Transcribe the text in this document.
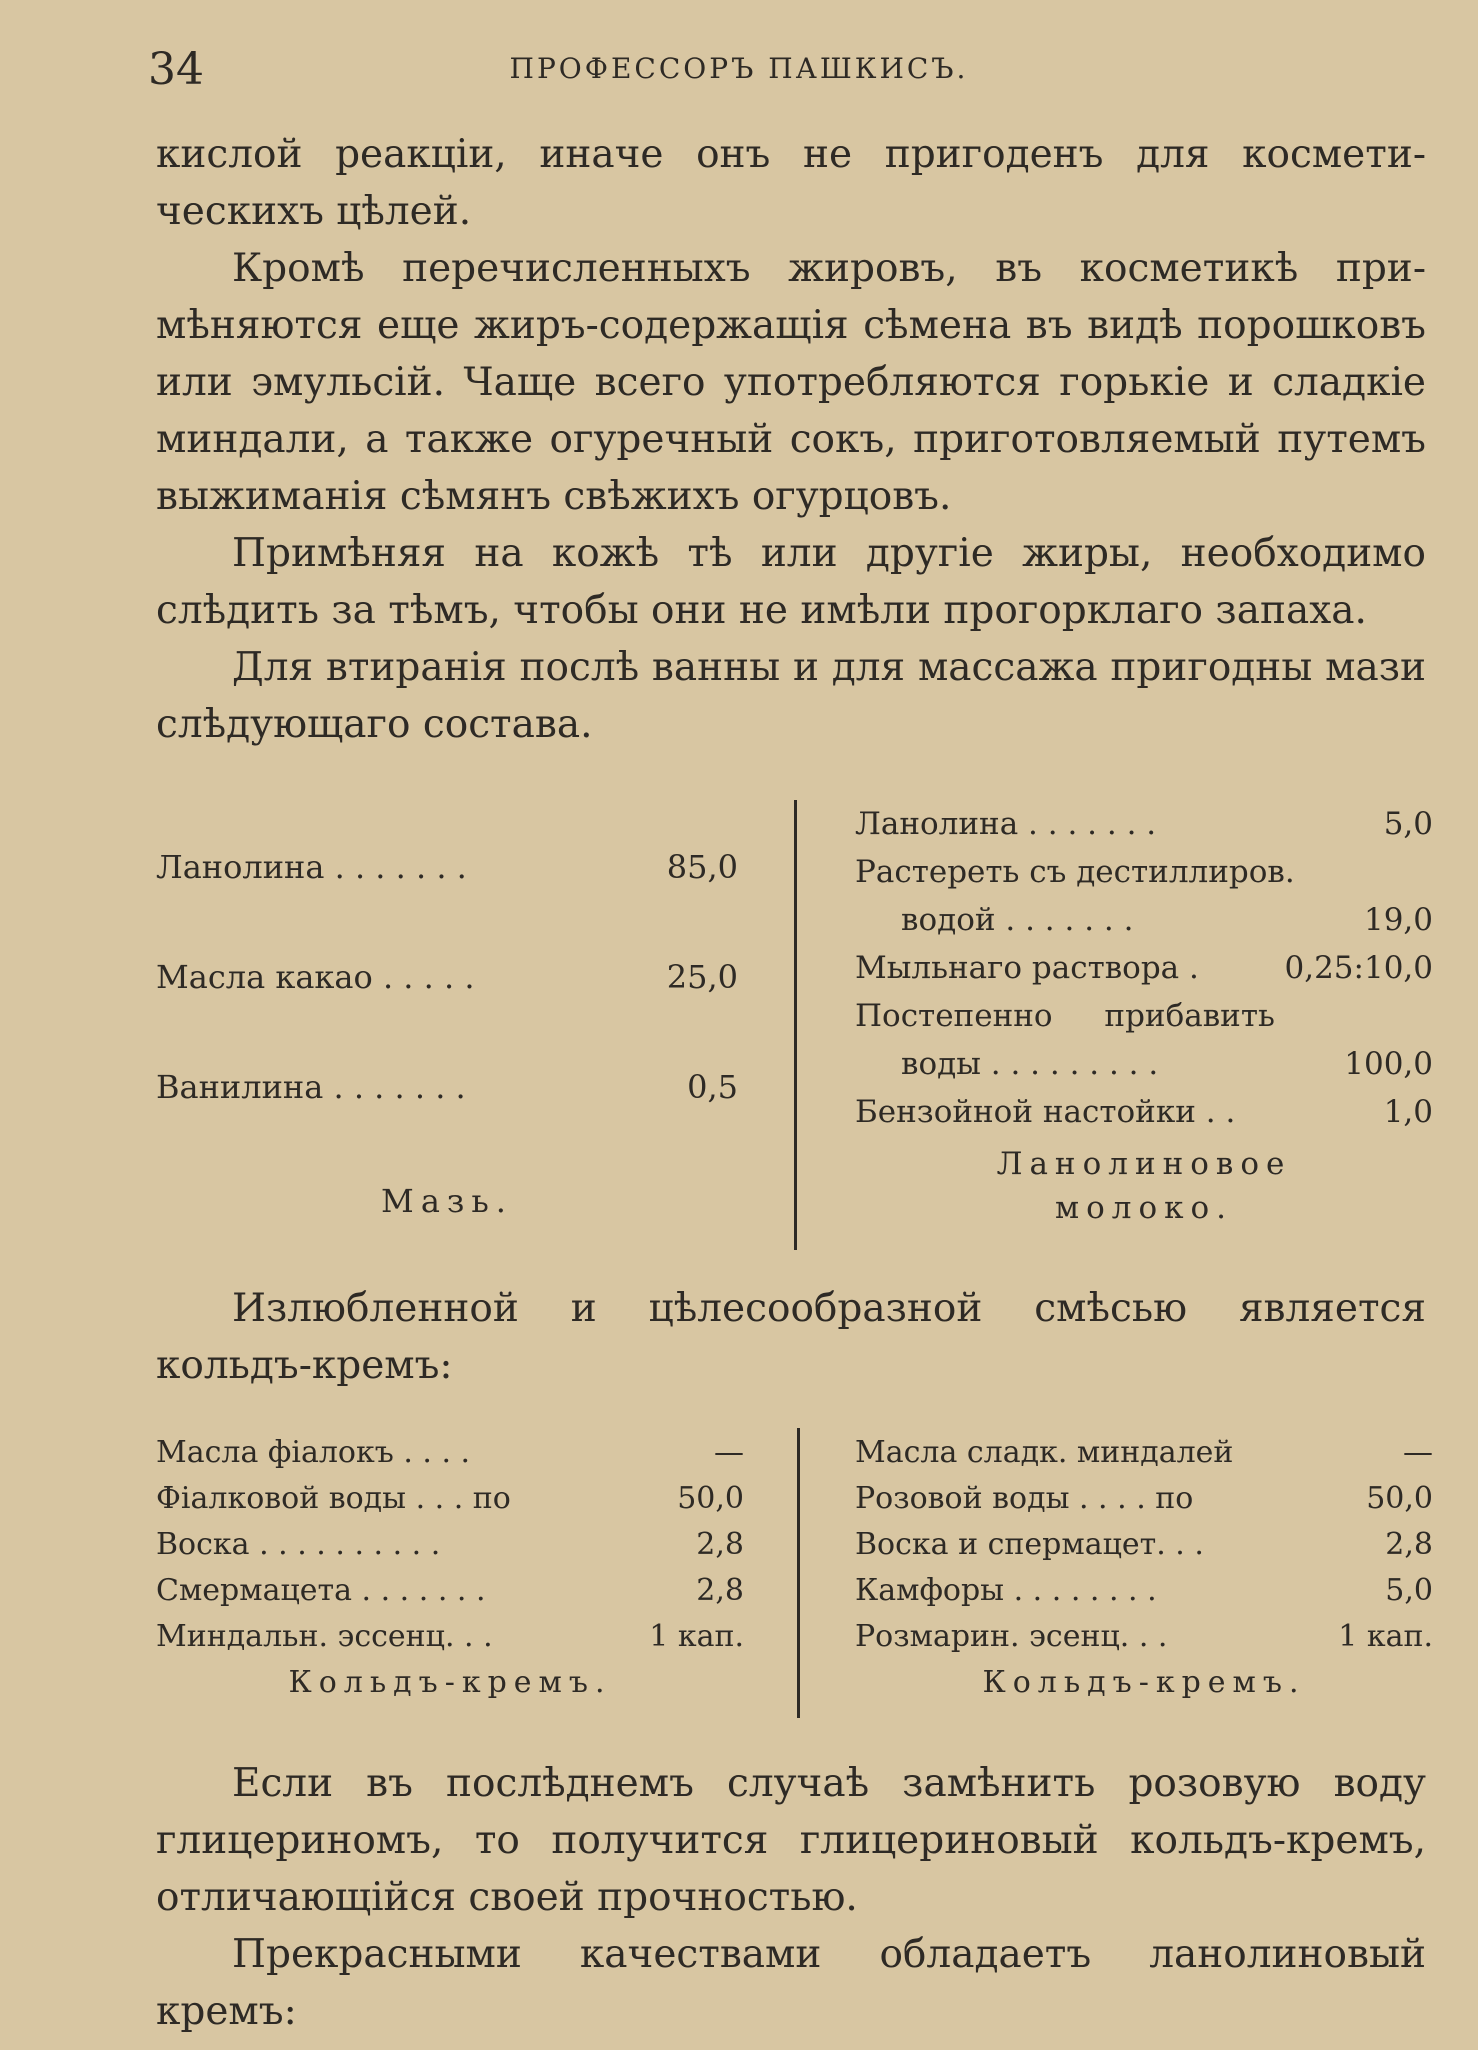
34	ПРОФЕССОРЪ ПАШКИСЪ.

кислой реакціи, иначе онъ не пригоденъ для косметическихъ цѣлей.

Кромѣ перечисленныхъ жировъ, въ косметикѣ примѣняются еще жиръ-содержащія сѣмена въ видѣ порошковъ или эмульсій. Чаще всего употребляются горькіе и сладкіе миндали, а также огуречный сокъ, приготовляемый путемъ выжиманія сѣмянъ свѣжихъ огурцовъ.

Примѣняя на кожѣ тѣ или другіе жиры, необходимо слѣдить за тѣмъ, чтобы они не имѣли прогорклаго запаха.

Для втиранія послѣ ванны и для массажа пригодны мази слѣдующаго состава.

Ланолина . . . . . . .	85,0
Масла какао . . . . .	25,0
Ванилина . . . . . . .	0,5
Мазь.
Ланолина . . . . . . .	5,0
Растереть съ дестиллиров.
водой . . . . . . .	19,0
Мыльнаго раствора .	0,25:10,0
Постепенно прибавить
воды . . . . . . . . .	100,0
Бензойной настойки . .	1,0
Ланолиновое
молоко.

Излюбленной и цѣлесообразной смѣсью является кольдъ-кремъ:

Масла фіалокъ . . . .	—
Фіалковой воды . . . по	50,0
Воска . . . . . . . . . .	2,8
Смермацета . . . . . . .	2,8
Миндальн. эссенц. . .	1 кап.
Кольдъ-кремъ.
Масла сладк. миндалей	—
Розовой воды . . . . по	50,0
Воска и спермацет. . .	2,8
Камфоры . . . . . . . .	5,0
Розмарин. эсенц. . .	1 кап.
Кольдъ-кремъ.

Если въ послѣднемъ случаѣ замѣнить розовую воду глицериномъ, то получится глицериновый кольдъ-кремъ, отличающійся своей прочностью.

Прекрасными качествами обладаетъ ланолиновый кремъ:
